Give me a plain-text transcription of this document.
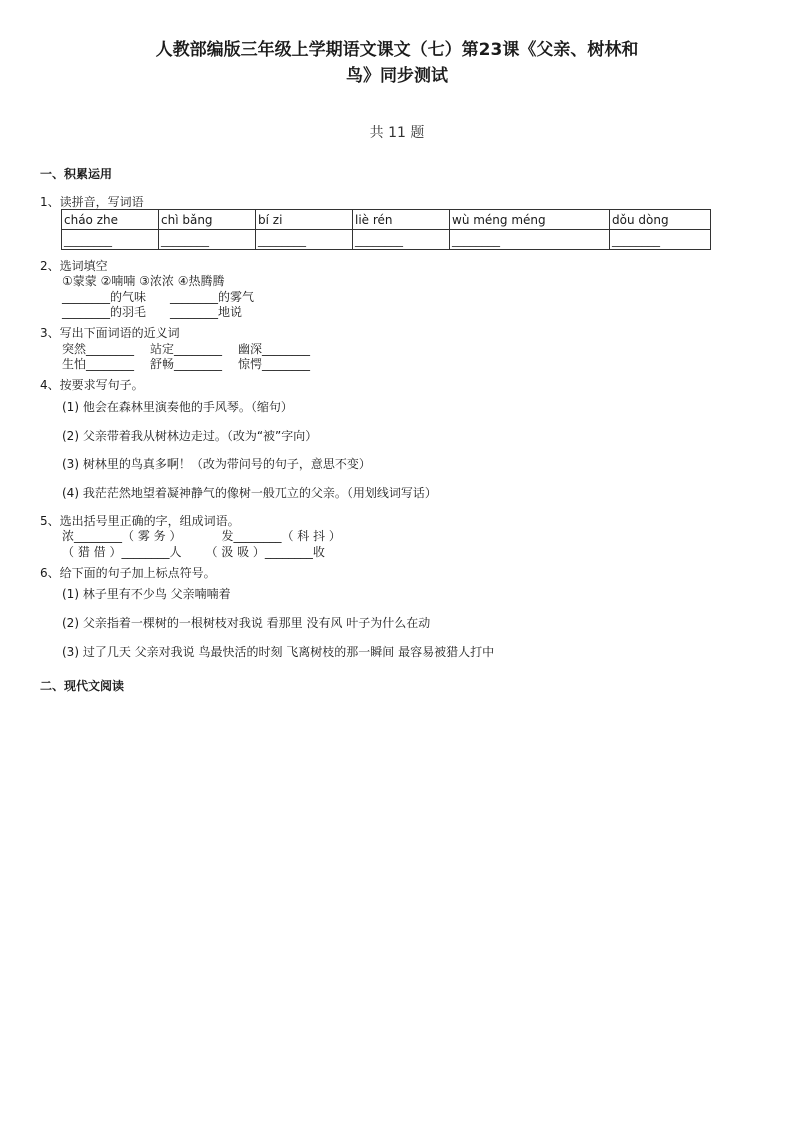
人教部编版三年级上学期语文课文（七）第23课《父亲、树林和
鸟》同步测试
共 11 题
一、积累运用
1、读拼音，写词语
cháo zhe	chì bǎng	bí zi	liè rén	wù méng méng	dǒu dòng
________	________	________	________	________	________
2、选词填空
①蒙蒙 ②喃喃 ③浓浓 ④热腾腾
________的气味 ________的雾气
________的羽毛 ________地说
3、写出下面词语的近义词
突然________ 站定________ 幽深________
生怕________ 舒畅________ 惊愕________
4、按要求写句子。
(1) 他会在森林里演奏他的手风琴。（缩句）
(2) 父亲带着我从树林边走过。（改为“被”字向）
(3) 树林里的鸟真多啊！（改为带问号的句子，意思不变）
(4) 我茫茫然地望着凝神静气的像树一般兀立的父亲。（用划线词写话）
5、选出括号里正确的字，组成词语。
浓________（ 雾 务 ）	发________（ 科 抖 ）
（ 猎 借 ）________人 （ 汲 吸 ）________收
6、给下面的句子加上标点符号。
(1) 林子里有不少鸟 父亲喃喃着
(2) 父亲指着一棵树的一根树枝对我说 看那里 没有风 叶子为什么在动
(3) 过了几天 父亲对我说 鸟最快活的时刻 飞离树枝的那一瞬间 最容易被猎人打中
二、现代文阅读
